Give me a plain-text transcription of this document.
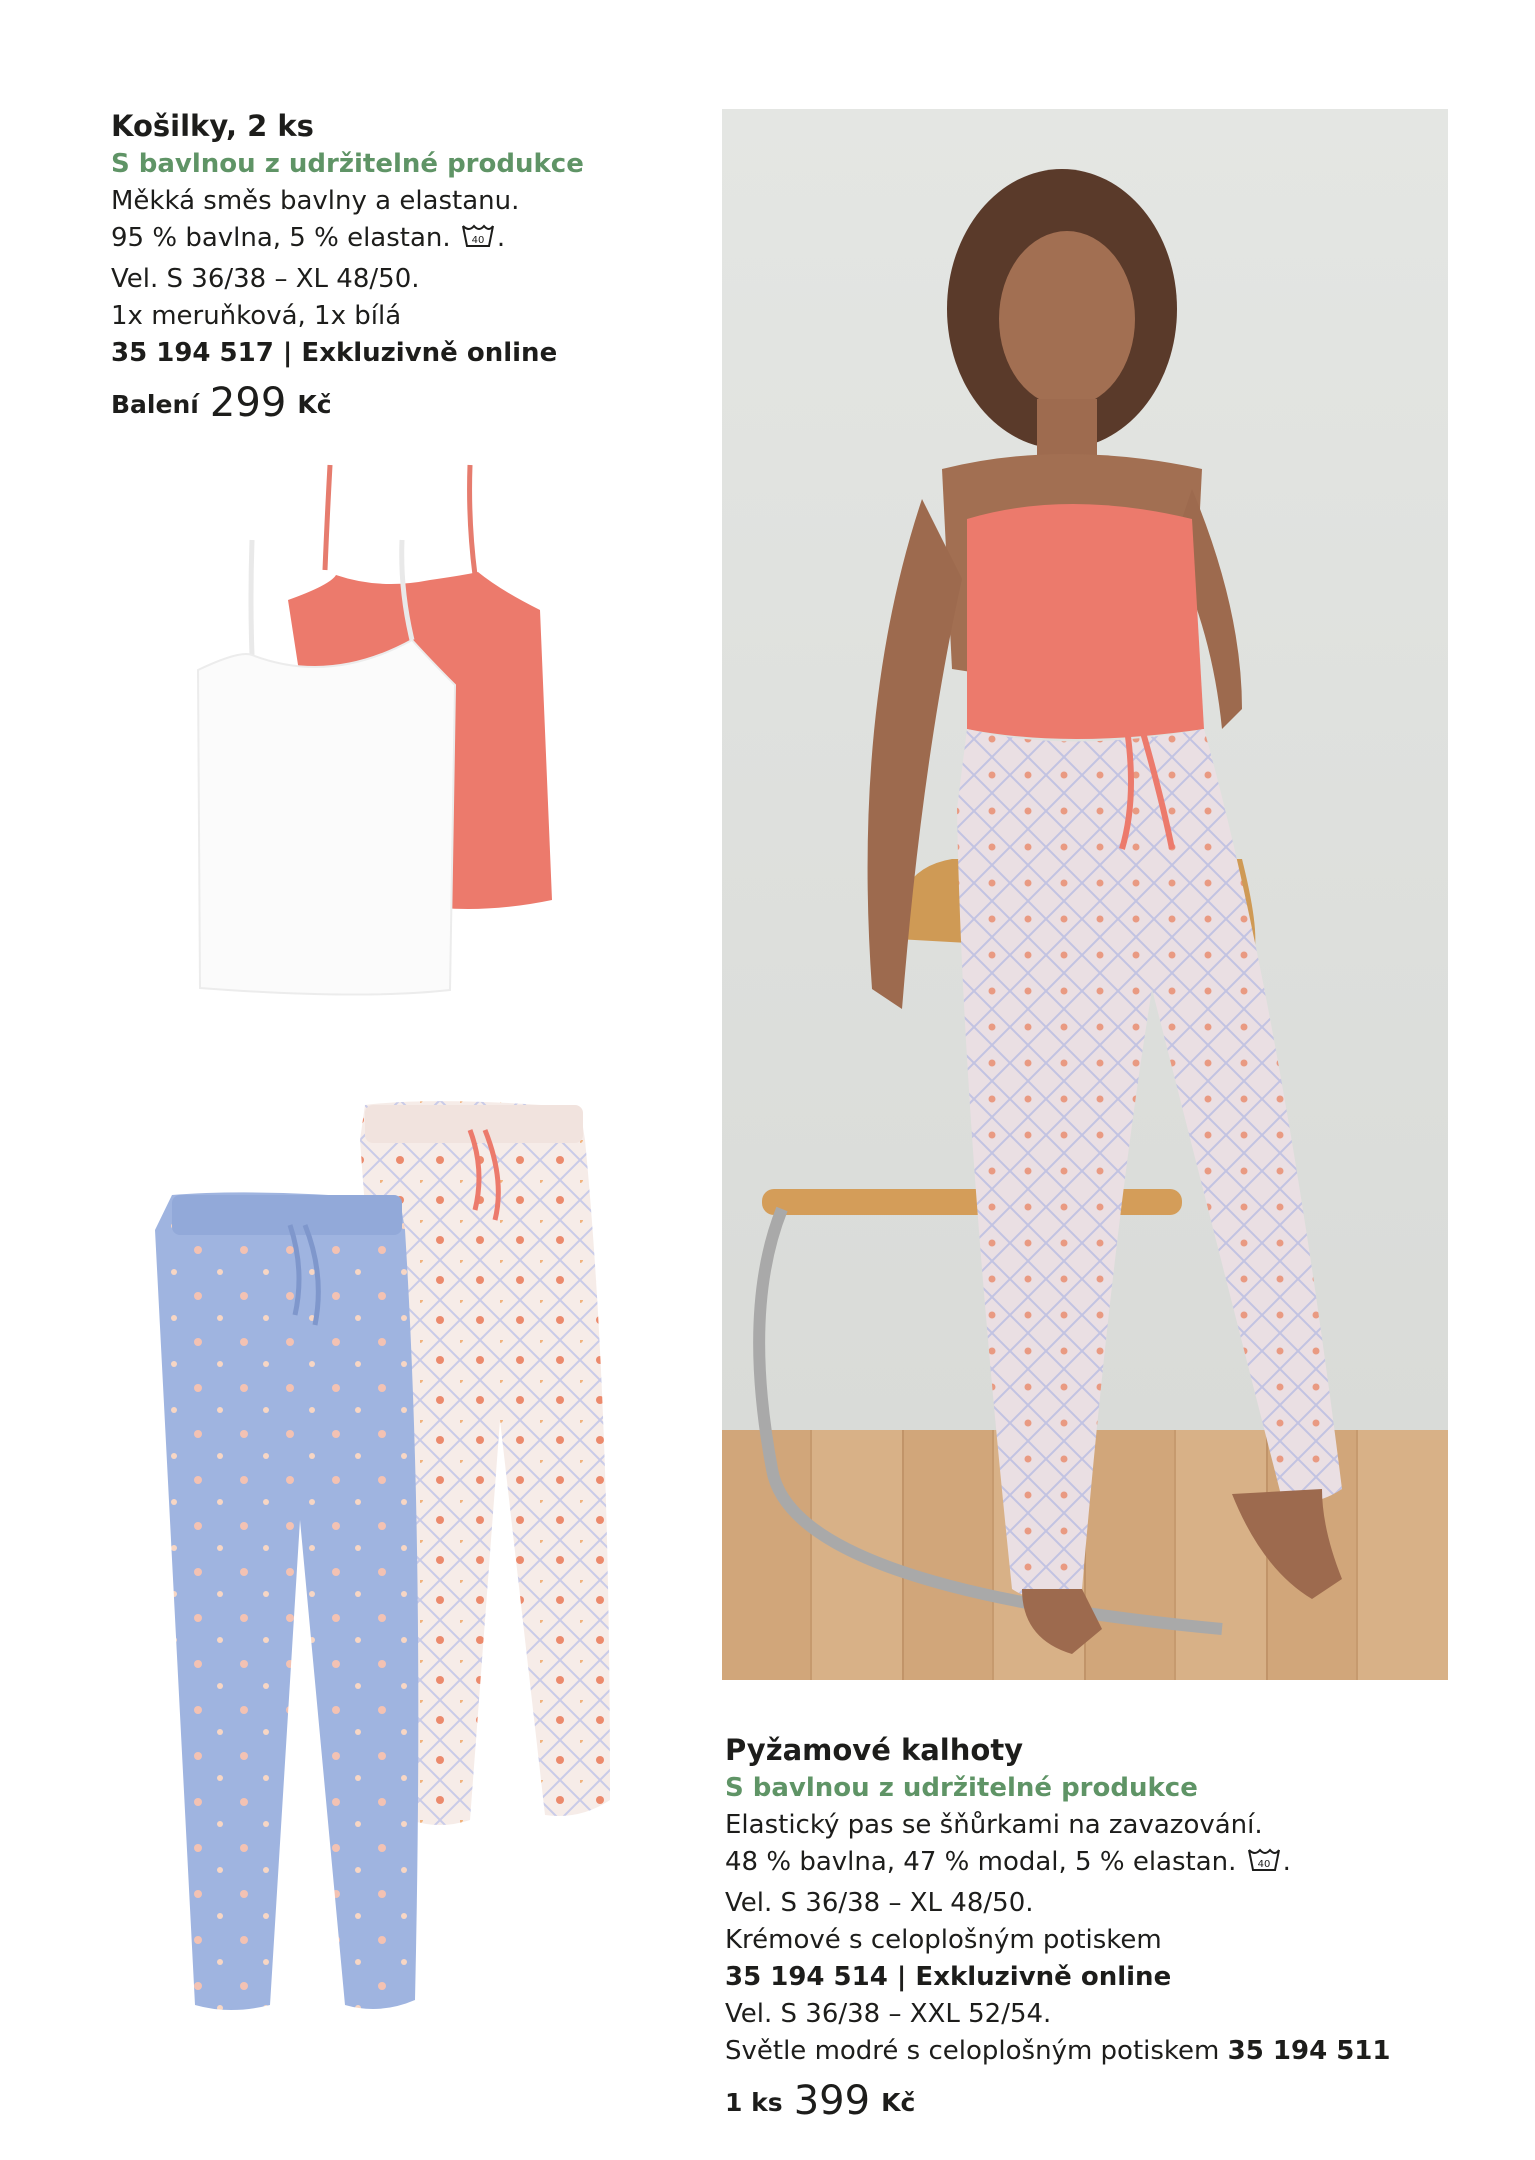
Košilky, 2 ks
S bavlnou z udržitelné produkce
Měkká směs bavlny a elastanu.
95 % bavlna, 5 % elastan. 40 .
Vel. S 36/38 – XL 48/50.
1x meruňková, 1x bílá
35 194 517 | Exkluzivně online
Balení 299 Kč
Pyžamové kalhoty
S bavlnou z udržitelné produkce
Elastický pas se šňůrkami na zavazování.
48 % bavlna, 47 % modal, 5 % elastan. 40 .
Vel. S 36/38 – XL 48/50.
Krémové s celoplošným potiskem
35 194 514 | Exkluzivně online
Vel. S 36/38 – XXL 52/54.
Světle modré s celoplošným potiskem 35 194 511
1 ks 399 Kč
